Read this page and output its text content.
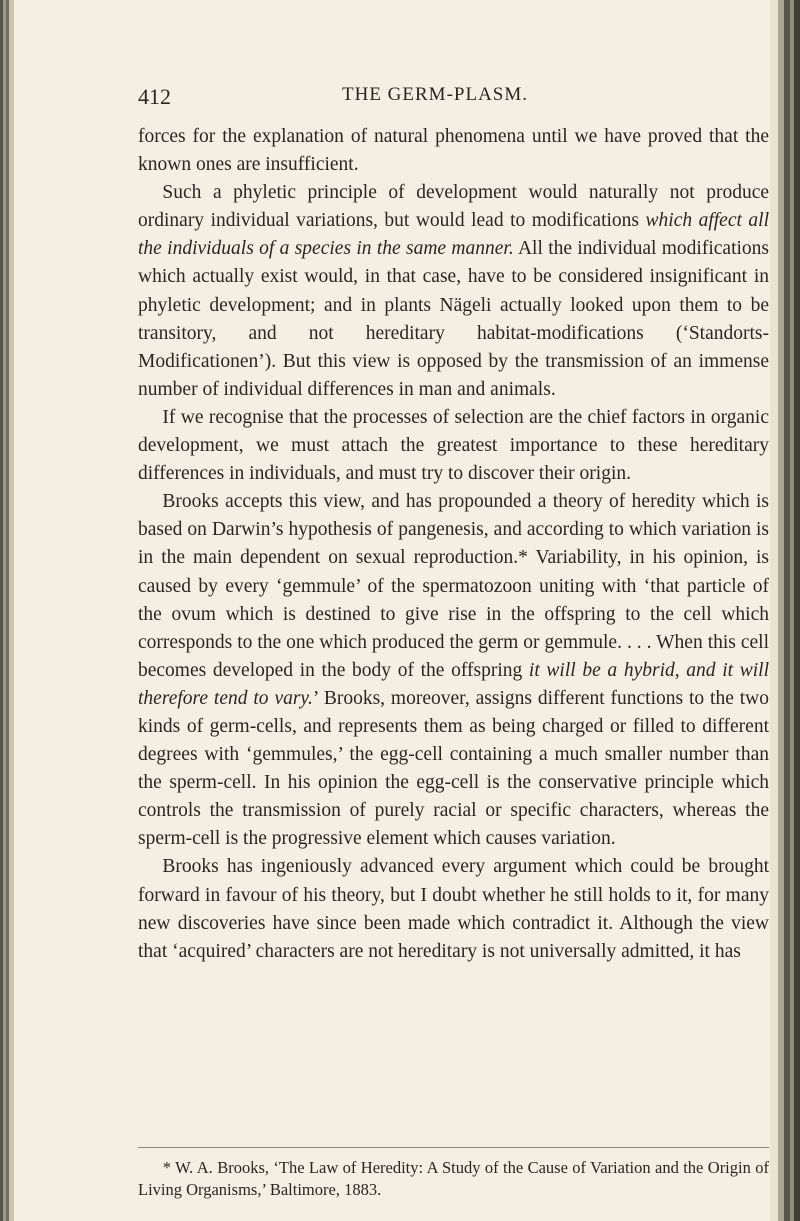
412	THE GERM-PLASM.

forces for the explanation of natural phenomena until we have proved that the known ones are insufficient.

Such a phyletic principle of development would naturally not produce ordinary individual variations, but would lead to modifications which affect all the individuals of a species in the same manner. All the individual modifications which actually exist would, in that case, have to be considered insignificant in phyletic development; and in plants Nägeli actually looked upon them to be transitory, and not hereditary habitat-modifications (‘Standorts-Modificationen’). But this view is opposed by the transmission of an immense number of individual differences in man and animals.

If we recognise that the processes of selection are the chief factors in organic development, we must attach the greatest importance to these hereditary differences in individuals, and must try to discover their origin.

Brooks accepts this view, and has propounded a theory of heredity which is based on Darwin’s hypothesis of pangenesis, and according to which variation is in the main dependent on sexual reproduction.* Variability, in his opinion, is caused by every ‘gemmule’ of the spermatozoon uniting with ‘that particle of the ovum which is destined to give rise in the offspring to the cell which corresponds to the one which produced the germ or gemmule. . . . When this cell becomes developed in the body of the offspring it will be a hybrid, and it will therefore tend to vary.’ Brooks, moreover, assigns different functions to the two kinds of germ-cells, and represents them as being charged or filled to different degrees with ‘gemmules,’ the egg-cell containing a much smaller number than the sperm-cell. In his opinion the egg-cell is the conservative principle which controls the transmission of purely racial or specific characters, whereas the sperm-cell is the progressive element which causes variation.

Brooks has ingeniously advanced every argument which could be brought forward in favour of his theory, but I doubt whether he still holds to it, for many new discoveries have since been made which contradict it. Although the view that ‘acquired’ characters are not hereditary is not universally admitted, it has

* W. A. Brooks, ‘The Law of Heredity: A Study of the Cause of Variation and the Origin of Living Organisms,’ Baltimore, 1883.
